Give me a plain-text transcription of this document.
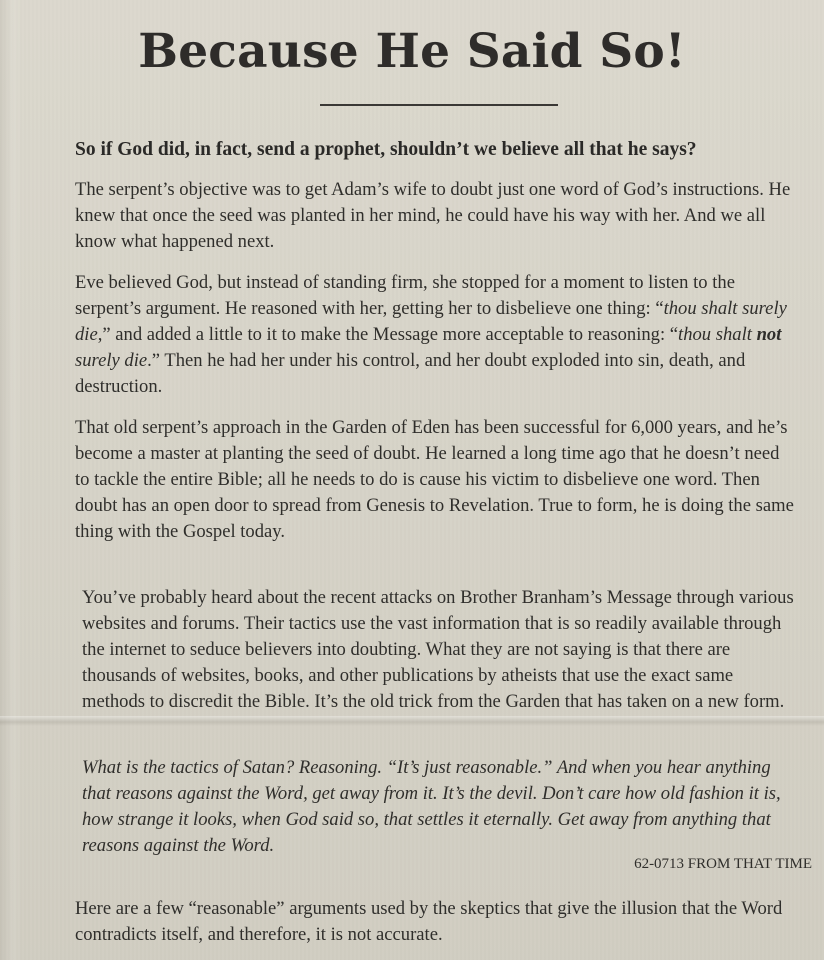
Because He Said So!
So if God did, in fact, send a prophet, shouldn’t we believe all that he says?

The serpent’s objective was to get Adam’s wife to doubt just one word of God’s instructions. He knew that once the seed was planted in her mind, he could have his way with her. And we all know what happened next.

Eve believed God, but instead of standing firm, she stopped for a moment to listen to the serpent’s argument. He reasoned with her, getting her to disbelieve one thing: “thou shalt surely die,” and added a little to it to make the Message more acceptable to reasoning: “thou shalt not surely die.” Then he had her under his control, and her doubt exploded into sin, death, and destruction.

That old serpent’s approach in the Garden of Eden has been successful for 6,000 years, and he’s become a master at planting the seed of doubt. He learned a long time ago that he doesn’t need to tackle the entire Bible; all he needs to do is cause his victim to disbelieve one word. Then doubt has an open door to spread from Genesis to Revelation. True to form, he is doing the same thing with the Gospel today.

You’ve probably heard about the recent attacks on Brother Branham’s Message through various websites and forums. Their tactics use the vast information that is so readily available through the internet to seduce believers into doubting. What they are not saying is that there are thousands of websites, books, and other publications by atheists that use the exact same methods to discredit the Bible. It’s the old trick from the Garden that has taken on a new form.

What is the tactics of Satan? Reasoning. “It’s just reasonable.” And when you hear anything that reasons against the Word, get away from it. It’s the devil. Don’t care how old fashion it is, how strange it looks, when God said so, that settles it eternally. Get away from anything that reasons against the Word.
62-0713 FROM THAT TIME

Here are a few “reasonable” arguments used by the skeptics that give the illusion that the Word contradicts itself, and therefore, it is not accurate.
